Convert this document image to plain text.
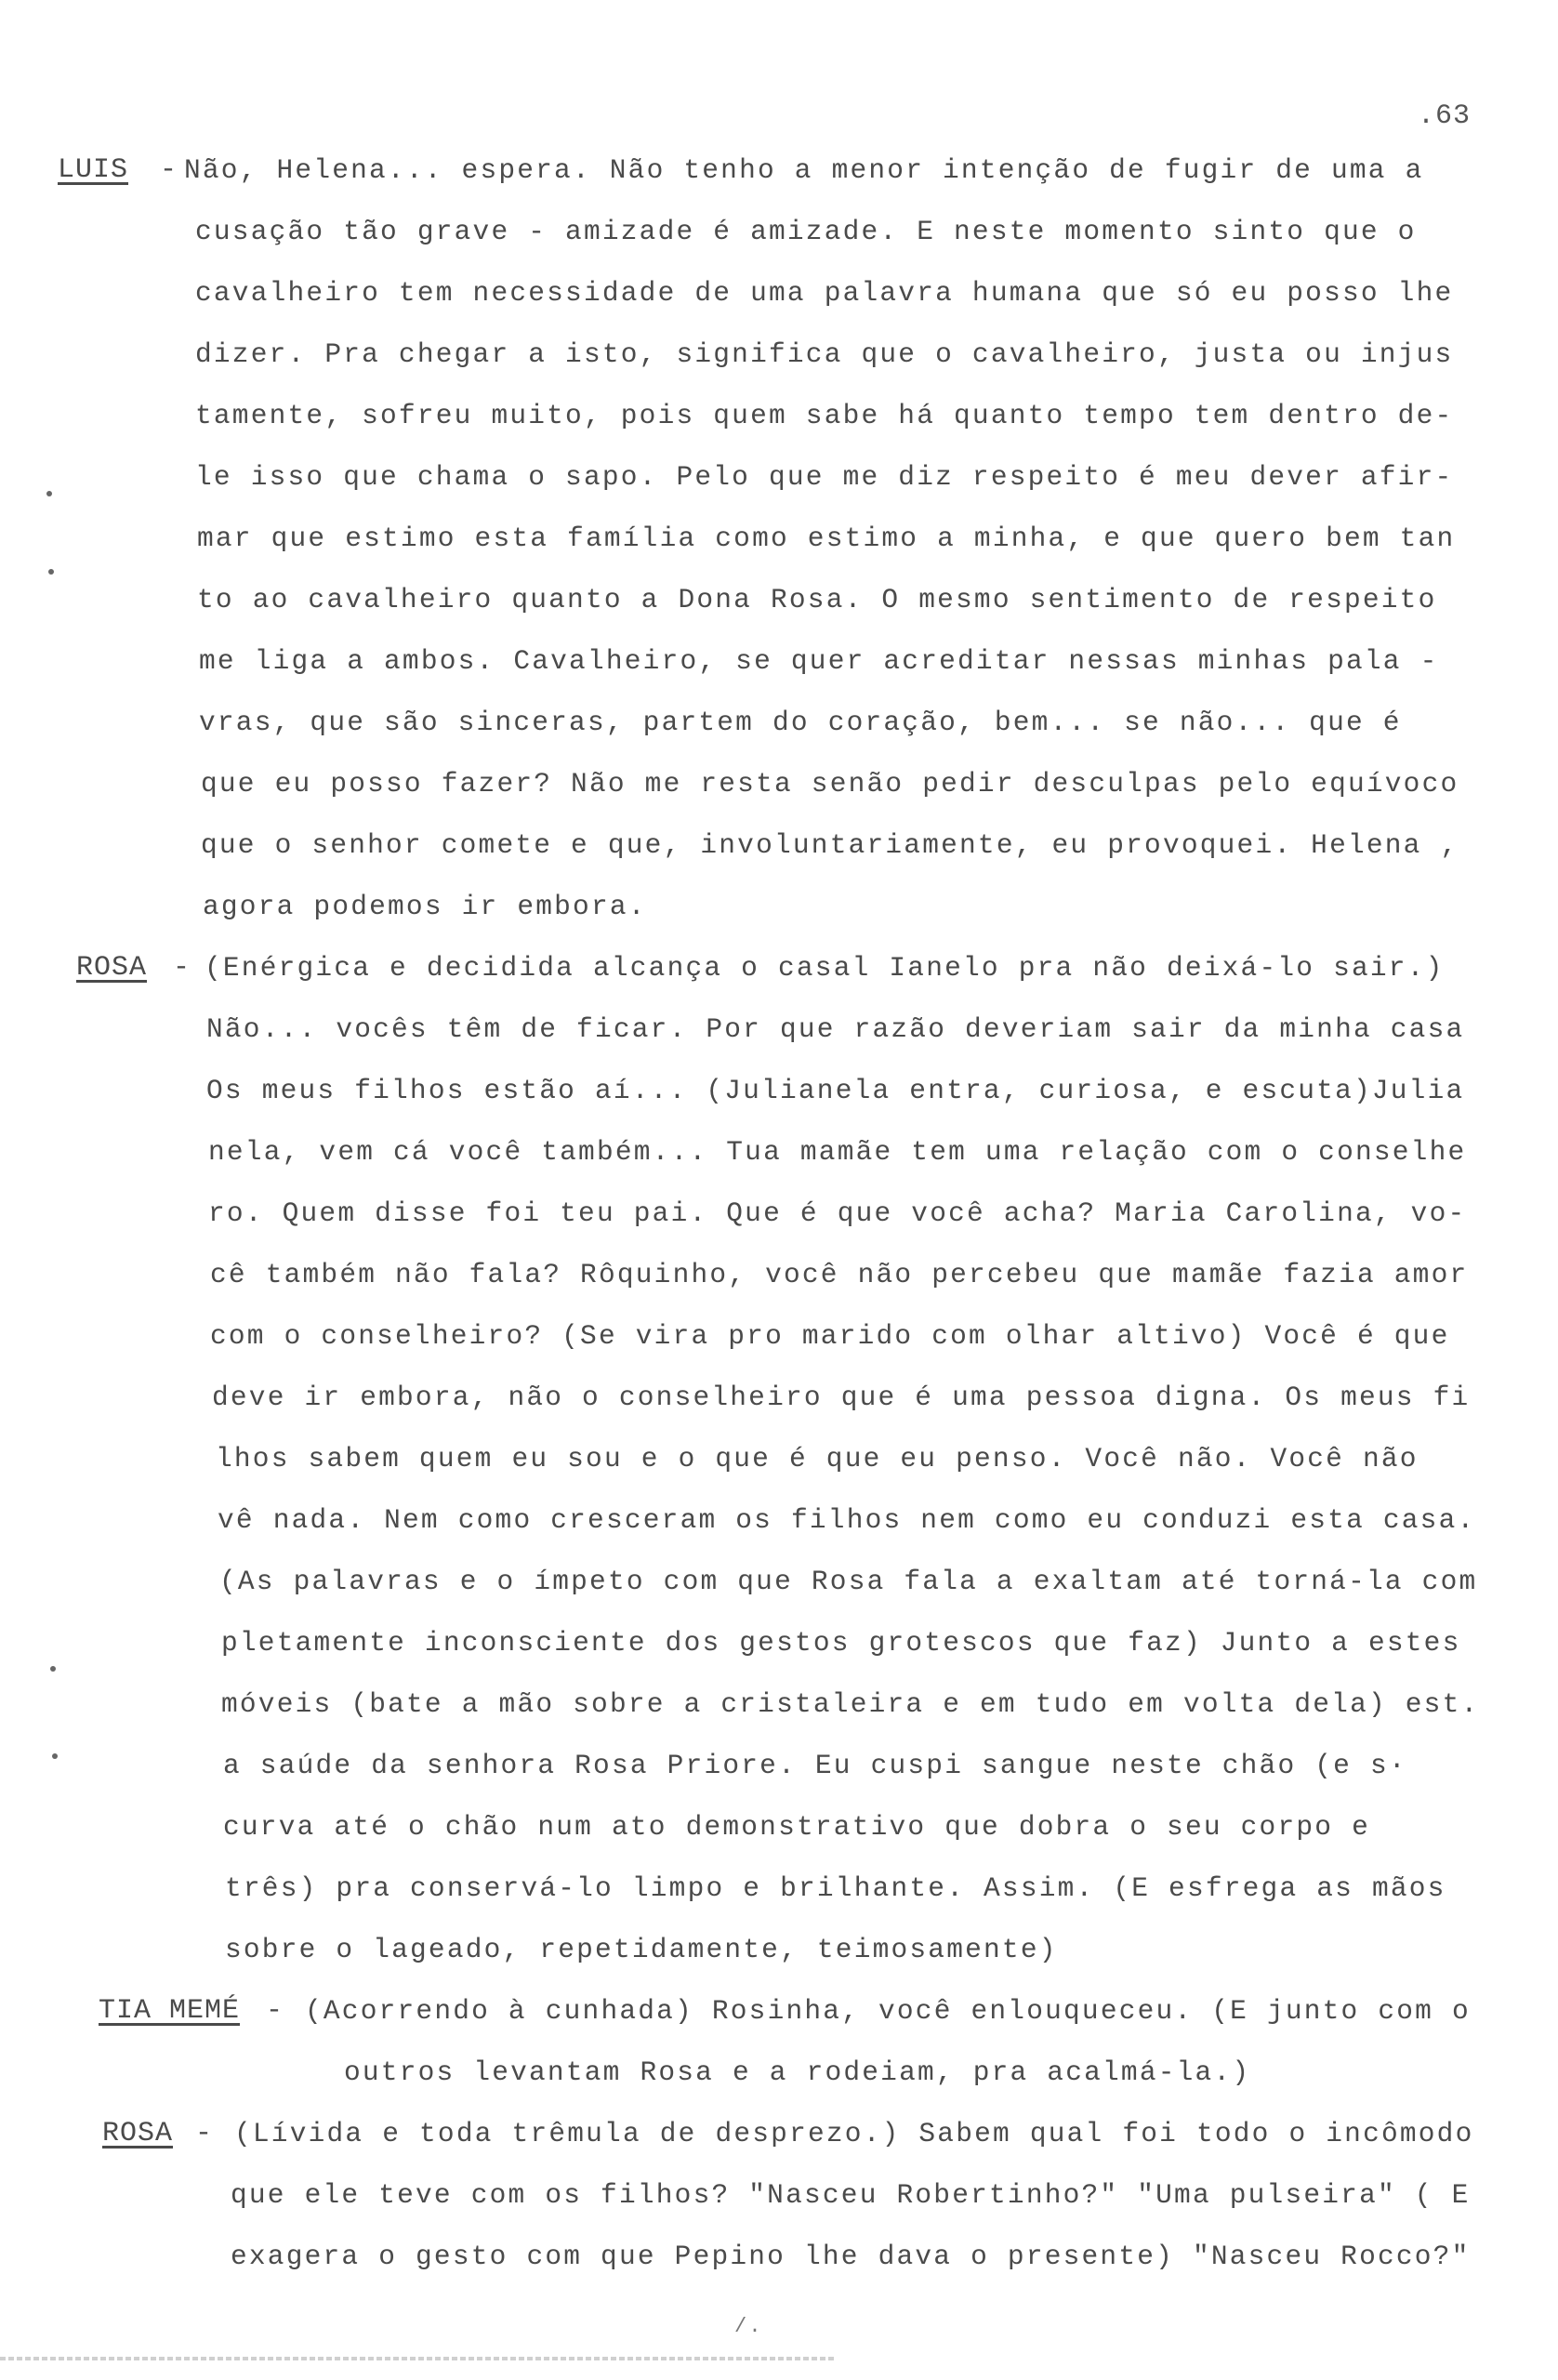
.63
LUIS - Não, Helena... espera. Não tenho a menor intenção de fugir de uma a
cusação tão grave - amizade é amizade. E neste momento sinto que o
cavalheiro tem necessidade de uma palavra humana que só eu posso lhe
dizer. Pra chegar a isto, significa que o cavalheiro, justa ou injus
tamente, sofreu muito, pois quem sabe há quanto tempo tem dentro de-
le isso que chama o sapo. Pelo que me diz respeito é meu dever afir-
mar que estimo esta família como estimo a minha, e que quero bem tan
to ao cavalheiro quanto a Dona Rosa. O mesmo sentimento de respeito
me liga a ambos. Cavalheiro, se quer acreditar nessas minhas pala -
vras, que são sinceras, partem do coração, bem... se não... que é
que eu posso fazer? Não me resta senão pedir desculpas pelo equívoco
que o senhor comete e que, involuntariamente, eu provoquei. Helena ,
agora podemos ir embora.
ROSA - (Enérgica e decidida alcança o casal Ianelo pra não deixá-lo sair.)
Não... vocês têm de ficar. Por que razão deveriam sair da minha casa
Os meus filhos estão aí... (Julianela entra, curiosa, e escuta)Julia
nela, vem cá você também... Tua mamãe tem uma relação com o conselhe
ro. Quem disse foi teu pai. Que é que você acha? Maria Carolina, vo-
cê também não fala? Rôquinho, você não percebeu que mamãe fazia amor
com o conselheiro? (Se vira pro marido com olhar altivo) Você é que
deve ir embora, não o conselheiro que é uma pessoa digna. Os meus fi
lhos sabem quem eu sou e o que é que eu penso. Você não. Você não
vê nada. Nem como cresceram os filhos nem como eu conduzi esta casa.
(As palavras e o ímpeto com que Rosa fala a exaltam até torná-la com
pletamente inconsciente dos gestos grotescos que faz) Junto a estes
móveis (bate a mão sobre a cristaleira e em tudo em volta dela) est.
a saúde da senhora Rosa Priore. Eu cuspi sangue neste chão (e s·
curva até o chão num ato demonstrativo que dobra o seu corpo e
três) pra conservá-lo limpo e brilhante. Assim. (E esfrega as mãos
sobre o lageado, repetidamente, teimosamente)
TIA MEMÉ - (Acorrendo à cunhada) Rosinha, você enlouqueceu. (E junto com o
outros levantam Rosa e a rodeiam, pra acalmá-la.)
ROSA - (Lívida e toda trêmula de desprezo.) Sabem qual foi todo o incômodo
que ele teve com os filhos? "Nasceu Robertinho?" "Uma pulseira" ( E
exagera o gesto com que Pepino lhe dava o presente) "Nasceu Rocco?"
/.
